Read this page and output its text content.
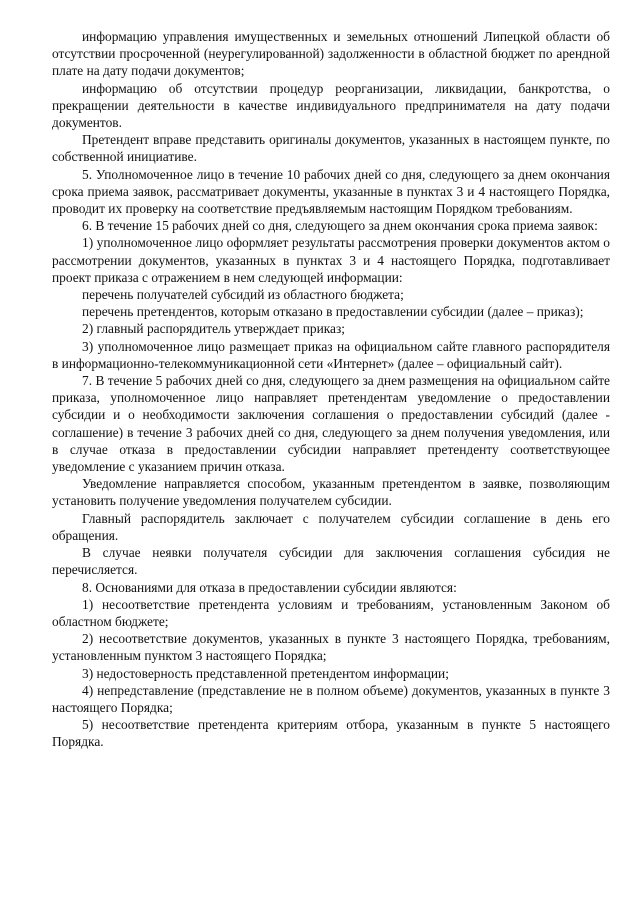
информацию управления имущественных и земельных отношений Липецкой области об отсутствии просроченной (неурегулированной) задолженности в областной бюджет по арендной плате на дату подачи документов;

информацию об отсутствии процедур реорганизации, ликвидации, банкротства, о прекращении деятельности в качестве индивидуального предпринимателя на дату подачи документов.

Претендент вправе представить оригиналы документов, указанных в настоящем пункте, по собственной инициативе.

5. Уполномоченное лицо в течение 10 рабочих дней со дня, следующего за днем окончания срока приема заявок, рассматривает документы, указанные в пунктах 3 и 4 настоящего Порядка, проводит их проверку на соответствие предъявляемым настоящим Порядком требованиям.

6. В течение 15 рабочих дней со дня, следующего за днем окончания срока приема заявок:

1) уполномоченное лицо оформляет результаты рассмотрения проверки документов актом о рассмотрении документов, указанных в пунктах 3 и 4 настоящего Порядка, подготавливает проект приказа с отражением в нем следующей информации:

перечень получателей субсидий из областного бюджета;

перечень претендентов, которым отказано в предоставлении субсидии (далее – приказ);

2) главный распорядитель утверждает приказ;

3) уполномоченное лицо размещает приказ на официальном сайте главного распорядителя в информационно-телекоммуникационной сети «Интернет» (далее – официальный сайт).

7. В течение 5 рабочих дней со дня, следующего за днем размещения на официальном сайте приказа, уполномоченное лицо направляет претендентам уведомление о предоставлении субсидии и о необходимости заключения соглашения о предоставлении субсидий (далее - соглашение) в течение 3 рабочих дней со дня, следующего за днем получения уведомления, или в случае отказа в предоставлении субсидии направляет претенденту соответствующее уведомление с указанием причин отказа.

Уведомление направляется способом, указанным претендентом в заявке, позволяющим установить получение уведомления получателем субсидии.

Главный распорядитель заключает с получателем субсидии соглашение в день его обращения.

В случае неявки получателя субсидии для заключения соглашения субсидия не перечисляется.

8. Основаниями для отказа в предоставлении субсидии являются:

1) несоответствие претендента условиям и требованиям, установленным Законом об областном бюджете;

2) несоответствие документов, указанных в пункте 3 настоящего Порядка, требованиям, установленным пунктом 3 настоящего Порядка;

3) недостоверность представленной претендентом информации;

4) непредставление (представление не в полном объеме) документов, указанных в пункте 3 настоящего Порядка;

5) несоответствие претендента критериям отбора, указанным в пункте 5 настоящего Порядка.
